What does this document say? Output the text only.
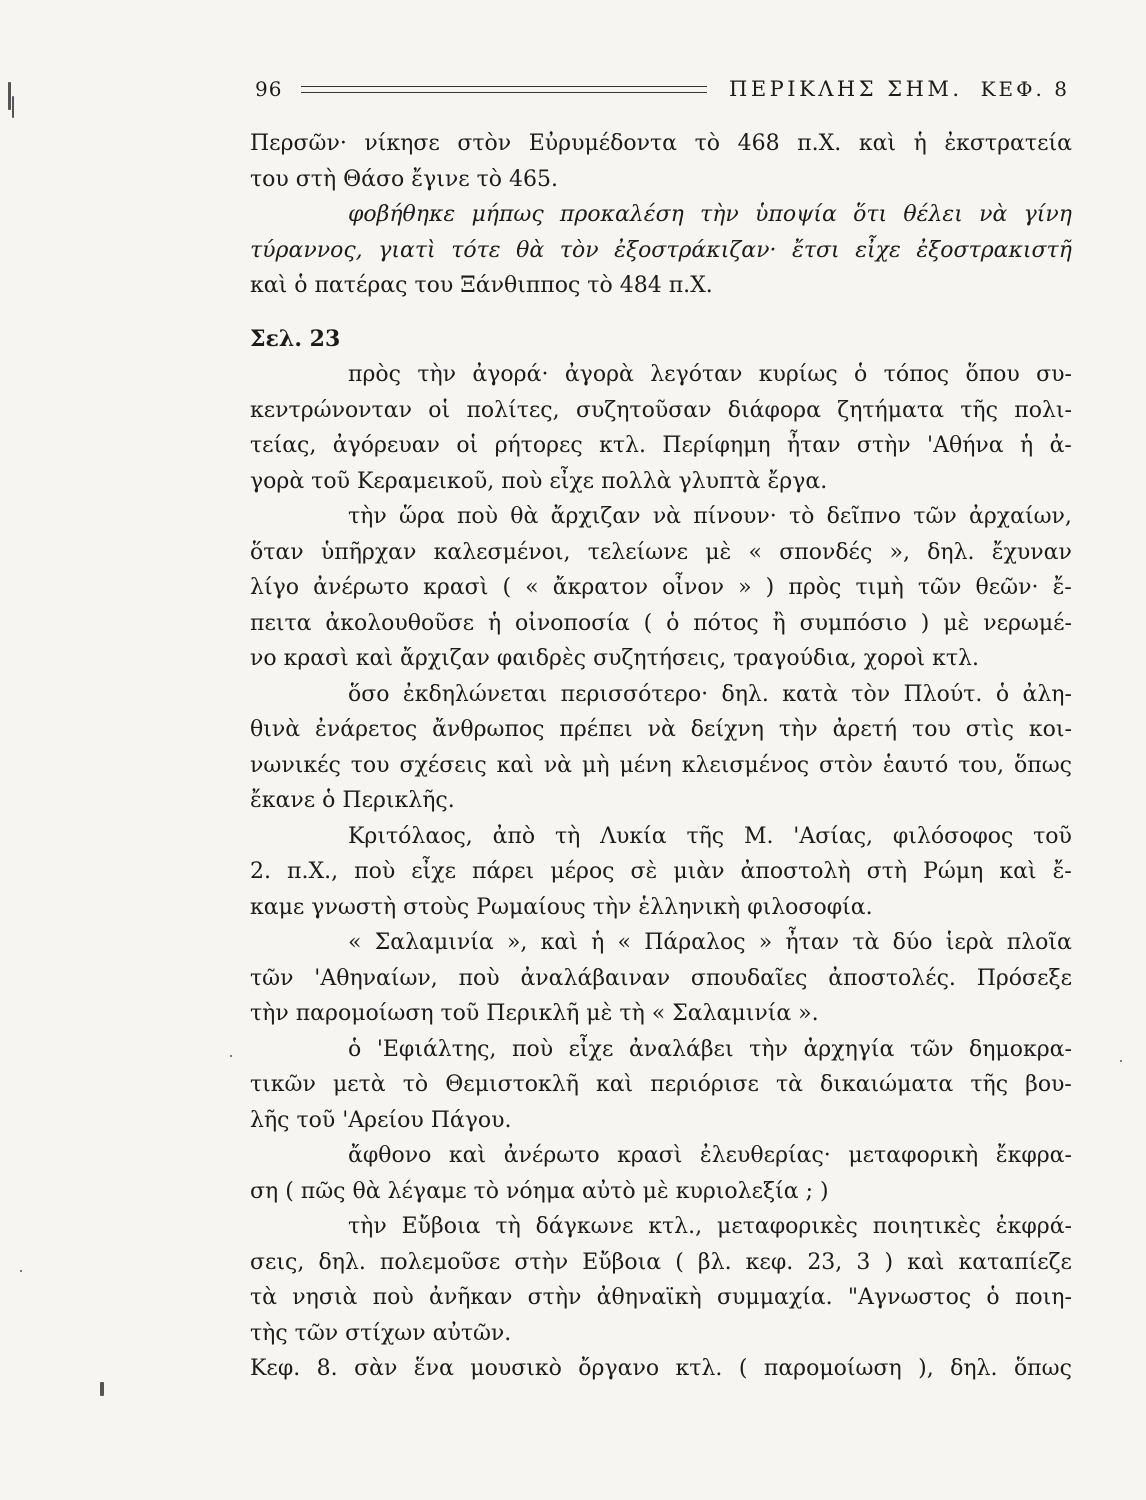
96	ΠΕΡΙΚΛΗΣ ΣΗΜ. ΚΕΦ. 8
Περσῶν· νίκησε στὸν Εὐρυμέδοντα τὸ 468 π.Χ. καὶ ἡ ἐκστρατεία
του στὴ Θάσο ἔγινε τὸ 465.
φοβήθηκε μήπως προκαλέση τὴν ὑποψία ὅτι θέλει νὰ γίνη
τύραννος, γιατὶ τότε θὰ τὸν ἐξοστράκιζαν· ἔτσι εἶχε ἐξοστρακιστῆ
καὶ ὁ πατέρας του Ξάνθιππος τὸ 484 π.Χ.
Σελ. 23
πρὸς τὴν ἀγορά· ἀγορὰ λεγόταν κυρίως ὁ τόπος ὅπου συ-
κεντρώνονταν οἱ πολίτες, συζητοῦσαν διάφορα ζητήματα τῆς πολι-
τείας, ἀγόρευαν οἱ ρήτορες κτλ. Περίφημη ἦταν στὴν 'Αθήνα ἡ ἀ-
γορὰ τοῦ Κεραμεικοῦ, ποὺ εἶχε πολλὰ γλυπτὰ ἔργα.
τὴν ὥρα ποὺ θὰ ἄρχιζαν νὰ πίνουν· τὸ δεῖπνο τῶν ἀρχαίων,
ὅταν ὑπῆρχαν καλεσμένοι, τελείωνε μὲ « σπονδές », δηλ. ἔχυναν
λίγο ἀνέρωτο κρασὶ ( « ἄκρατον οἶνον » ) πρὸς τιμὴ τῶν θεῶν· ἔ-
πειτα ἀκολουθοῦσε ἡ οἰνοποσία ( ὁ πότος ἢ συμπόσιο ) μὲ νερωμέ-
νο κρασὶ καὶ ἄρχιζαν φαιδρὲς συζητήσεις, τραγούδια, χοροὶ κτλ.
ὅσο ἐκδηλώνεται περισσότερο· δηλ. κατὰ τὸν Πλούτ. ὁ ἀλη-
θινὰ ἐνάρετος ἄνθρωπος πρέπει νὰ δείχνη τὴν ἀρετή του στὶς κοι-
νωνικές του σχέσεις καὶ νὰ μὴ μένη κλεισμένος στὸν ἑαυτό του, ὅπως
ἔκανε ὁ Περικλῆς.
Κριτόλαος, ἀπὸ τὴ Λυκία τῆς Μ. 'Ασίας, φιλόσοφος τοῦ
2. π.Χ., ποὺ εἶχε πάρει μέρος σὲ μιὰν ἀποστολὴ στὴ Ρώμη καὶ ἔ-
καμε γνωστὴ στοὺς Ρωμαίους τὴν ἑλληνικὴ φιλοσοφία.
« Σαλαμινία », καὶ ἡ « Πάραλος » ἦταν τὰ δύο ἱερὰ πλοῖα
τῶν 'Αθηναίων, ποὺ ἀναλάβαιναν σπουδαῖες ἀποστολές. Πρόσεξε
τὴν παρομοίωση τοῦ Περικλῆ μὲ τὴ « Σαλαμινία ».
ὁ 'Εφιάλτης, ποὺ εἶχε ἀναλάβει τὴν ἀρχηγία τῶν δημοκρα-
τικῶν μετὰ τὸ Θεμιστοκλῆ καὶ περιόρισε τὰ δικαιώματα τῆς βου-
λῆς τοῦ 'Αρείου Πάγου.
ἄφθονο καὶ ἀνέρωτο κρασὶ ἐλευθερίας· μεταφορικὴ ἔκφρα-
ση ( πῶς θὰ λέγαμε τὸ νόημα αὐτὸ μὲ κυριολεξία ; )
τὴν Εὔβοια τὴ δάγκωνε κτλ., μεταφορικὲς ποιητικὲς ἐκφρά-
σεις, δηλ. πολεμοῦσε στὴν Εὔβοια ( βλ. κεφ. 23, 3 ) καὶ καταπίεζε
τὰ νησιὰ ποὺ ἀνῆκαν στὴν ἀθηναϊκὴ συμμαχία. "Αγνωστος ὁ ποιη-
τὴς τῶν στίχων αὐτῶν.
Κεφ. 8. σὰν ἕνα μουσικὸ ὄργανο κτλ. ( παρομοίωση ), δηλ. ὅπως
